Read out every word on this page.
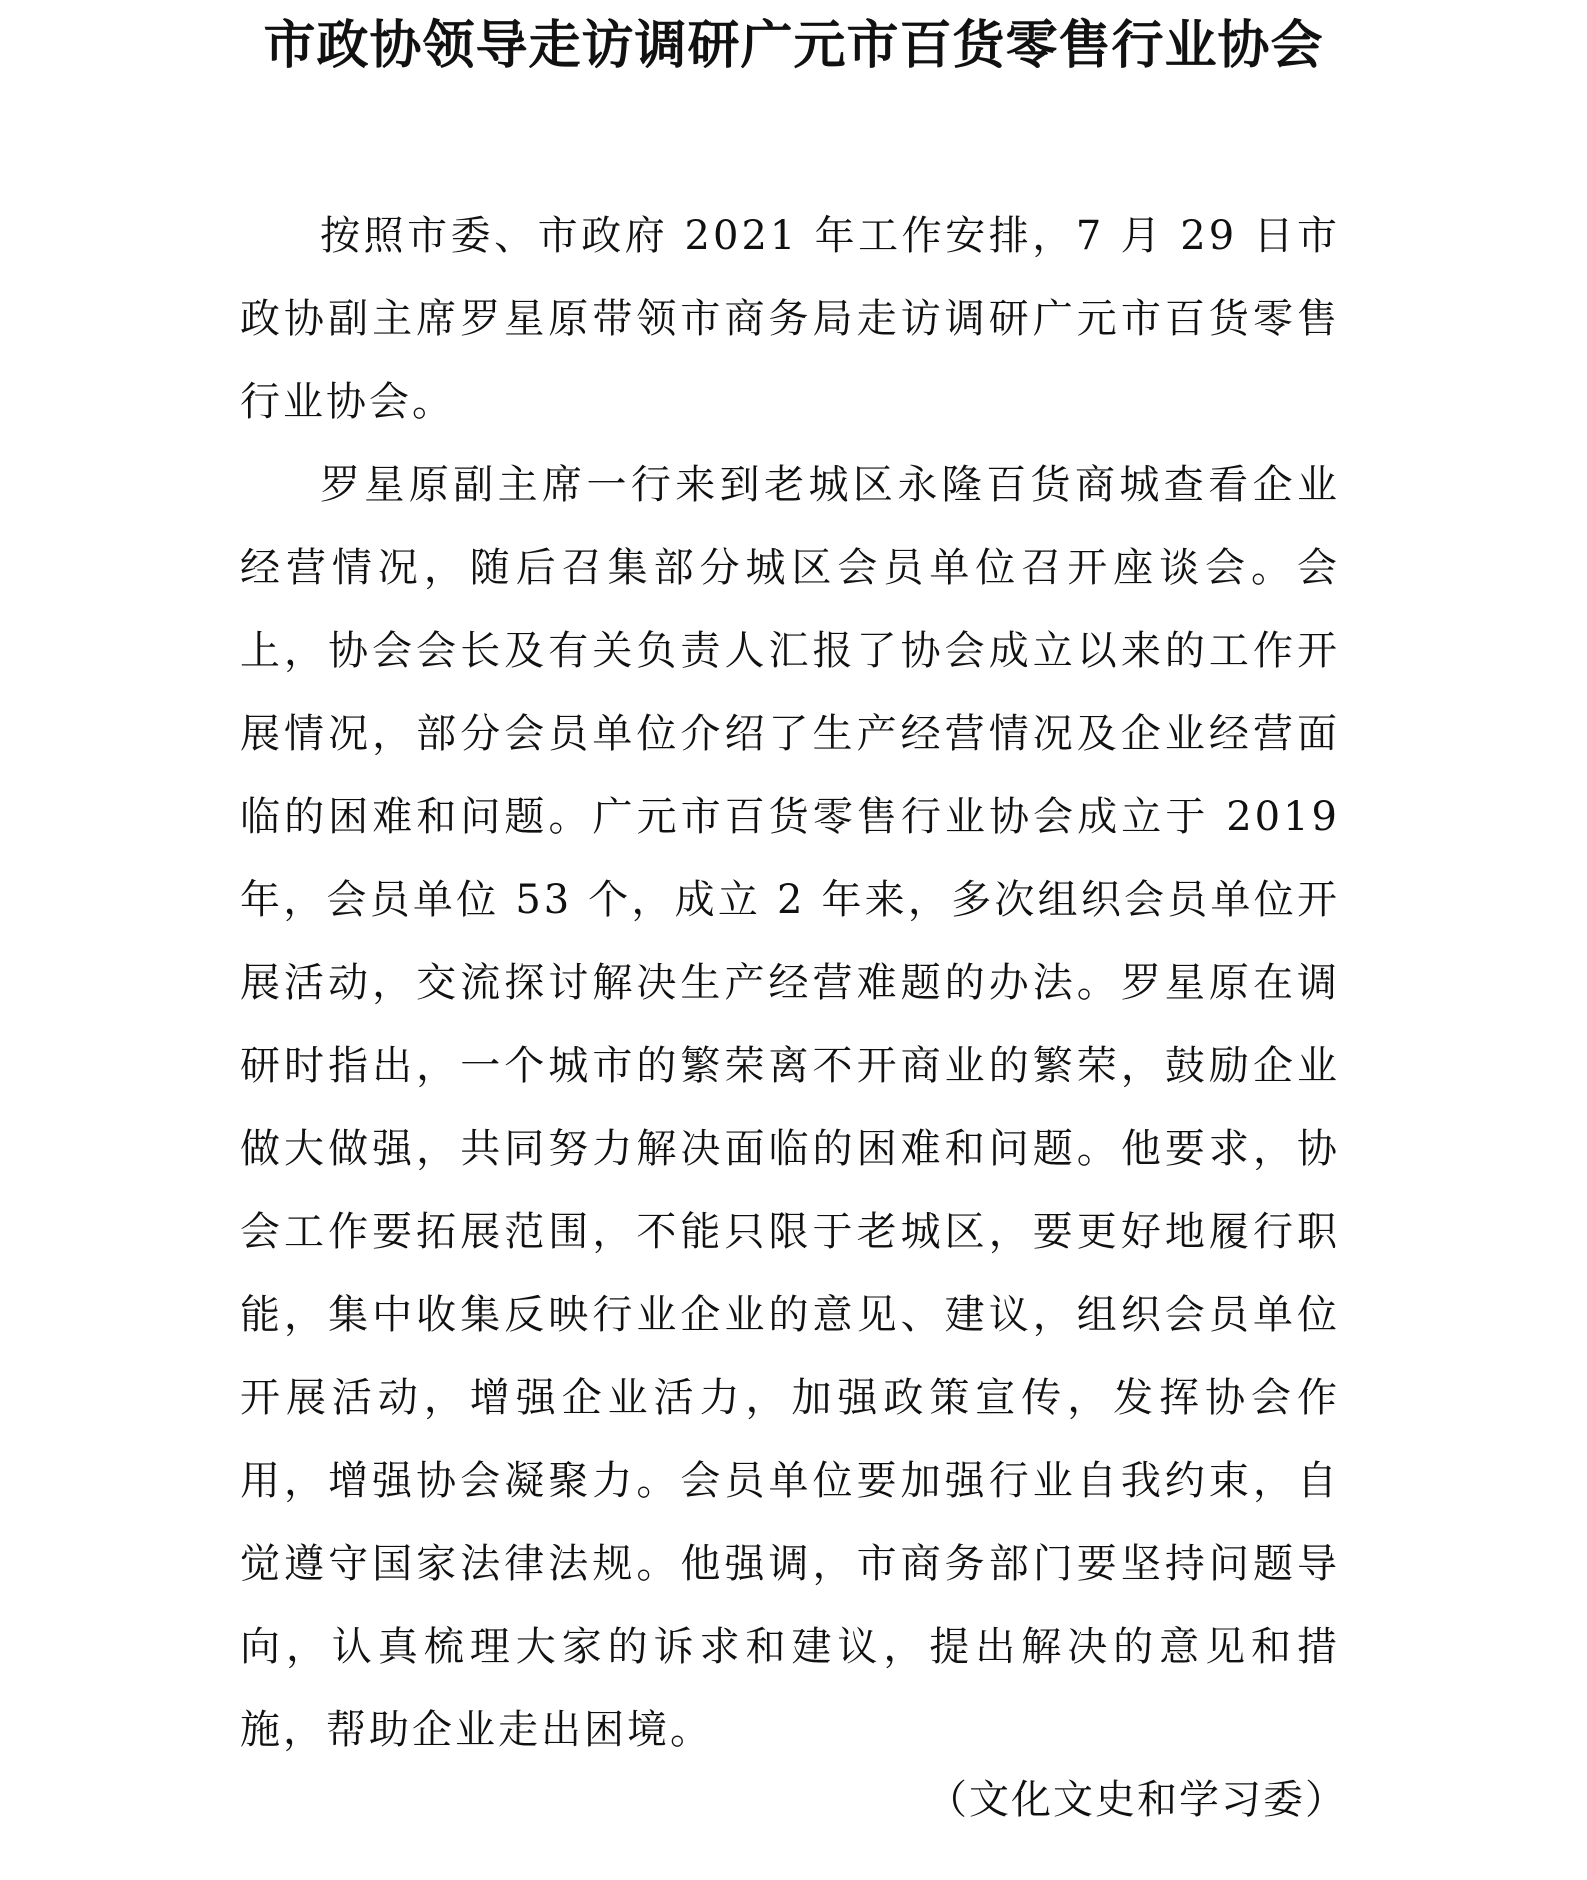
市政协领导走访调研广元市百货零售行业协会

按照市委、市政府 2021 年工作安排，7 月 29 日市政协副主席罗星原带领市商务局走访调研广元市百货零售行业协会。

罗星原副主席一行来到老城区永隆百货商城查看企业经营情况，随后召集部分城区会员单位召开座谈会。会上，协会会长及有关负责人汇报了协会成立以来的工作开展情况，部分会员单位介绍了生产经营情况及企业经营面临的困难和问题。广元市百货零售行业协会成立于 2019 年，会员单位 53 个，成立 2 年来，多次组织会员单位开展活动，交流探讨解决生产经营难题的办法。罗星原在调研时指出，一个城市的繁荣离不开商业的繁荣，鼓励企业做大做强，共同努力解决面临的困难和问题。他要求，协会工作要拓展范围，不能只限于老城区，要更好地履行职能，集中收集反映行业企业的意见、建议，组织会员单位开展活动，增强企业活力，加强政策宣传，发挥协会作用，增强协会凝聚力。会员单位要加强行业自我约束，自觉遵守国家法律法规。他强调，市商务部门要坚持问题导向，认真梳理大家的诉求和建议，提出解决的意见和措施，帮助企业走出困境。

（文化文史和学习委）
